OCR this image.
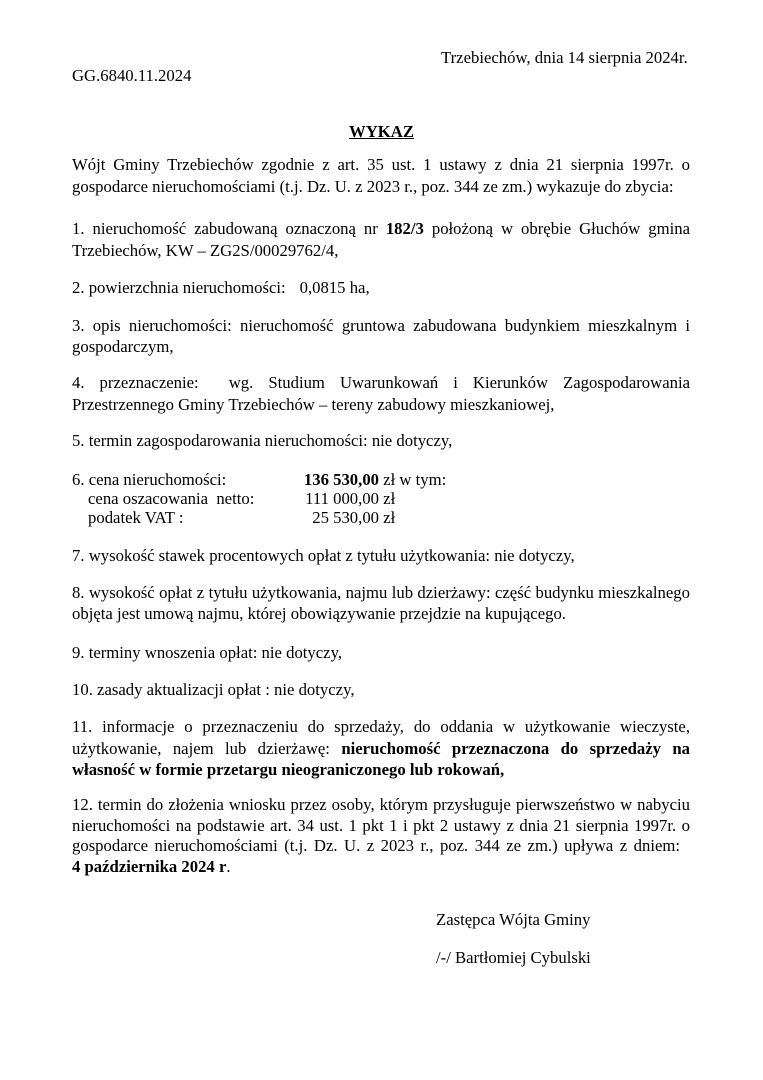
Trzebiechów, dnia 14 sierpnia 2024r.
GG.6840.11.2024
WYKAZ
Wójt Gminy Trzebiechów zgodnie z art. 35 ust. 1 ustawy z dnia 21 sierpnia 1997r. o
gospodarce nieruchomościami (t.j. Dz. U. z 2023 r., poz. 344 ze zm.) wykazuje do zbycia:
1. nieruchomość zabudowaną oznaczoną nr 182/3 położoną w obrębie Głuchów gmina
Trzebiechów, KW – ZG2S/00029762/4,
2. powierzchnia nieruchomości: 0,0815 ha,
3. opis nieruchomości: nieruchomość gruntowa zabudowana budynkiem mieszkalnym i
gospodarczym,
4. przeznaczenie: wg. Studium Uwarunkowań i Kierunków Zagospodarowania
Przestrzennego Gminy Trzebiechów – tereny zabudowy mieszkaniowej,
5. termin zagospodarowania nieruchomości: nie dotyczy,
6. cena nieruchomości:	136 530,00 zł w tym:
cena oszacowania  netto:	111 000,00 zł
podatek VAT :	25 530,00 zł
7. wysokość stawek procentowych opłat z tytułu użytkowania: nie dotyczy,
8. wysokość opłat z tytułu użytkowania, najmu lub dzierżawy: część budynku mieszkalnego
objęta jest umową najmu, której obowiązywanie przejdzie na kupującego.
9. terminy wnoszenia opłat: nie dotyczy,
10. zasady aktualizacji opłat : nie dotyczy,
11. informacje o przeznaczeniu do sprzedaży, do oddania w użytkowanie wieczyste,
użytkowanie, najem lub dzierżawę: nieruchomość przeznaczona do sprzedaży na
własność w formie przetargu nieograniczonego lub rokowań,
12. termin do złożenia wniosku przez osoby, którym przysługuje pierwszeństwo w nabyciu
nieruchomości na podstawie art. 34 ust. 1 pkt 1 i pkt 2 ustawy z dnia 21 sierpnia 1997r. o
gospodarce nieruchomościami (t.j. Dz. U. z 2023 r., poz. 344 ze zm.) upływa z dniem:
4 października 2024 r.
Zastępca Wójta Gminy
/-/ Bartłomiej Cybulski
